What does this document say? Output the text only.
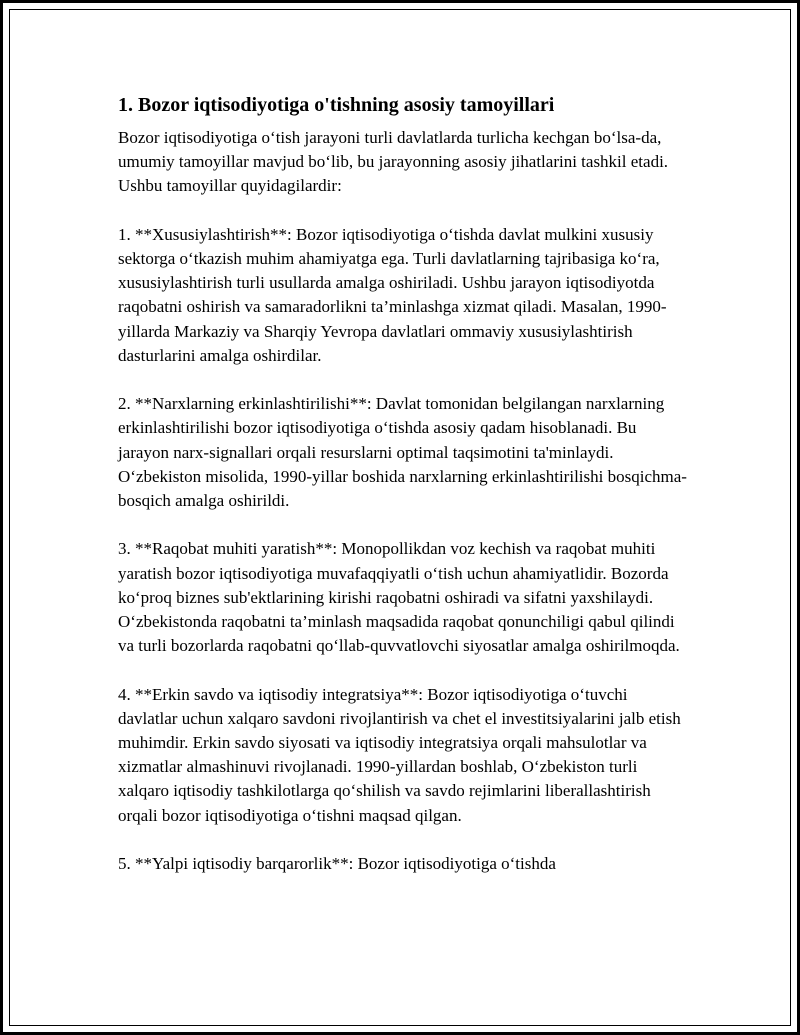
1. Bozor iqtisodiyotiga o'tishning asosiy tamoyillari

Bozor iqtisodiyotiga o‘tish jarayoni turli davlatlarda turlicha kechgan bo‘lsa-da, umumiy tamoyillar mavjud bo‘lib, bu jarayonning asosiy jihatlarini tashkil etadi. Ushbu tamoyillar quyidagilardir:

1. **Xususiylashtirish**: Bozor iqtisodiyotiga o‘tishda davlat mulkini xususiy sektorga o‘tkazish muhim ahamiyatga ega. Turli davlatlarning tajribasiga ko‘ra, xususiylashtirish turli usullarda amalga oshiriladi. Ushbu jarayon iqtisodiyotda raqobatni oshirish va samaradorlikni ta’minlashga xizmat qiladi. Masalan, 1990-yillarda Markaziy va Sharqiy Yevropa davlatlari ommaviy xususiylashtirish dasturlarini amalga oshirdilar.

2. **Narxlarning erkinlashtirilishi**: Davlat tomonidan belgilangan narxlarning erkinlashtirilishi bozor iqtisodiyotiga o‘tishda asosiy qadam hisoblanadi. Bu jarayon narx-signallari orqali resurslarni optimal taqsimotini ta'minlaydi. O‘zbekiston misolida, 1990-yillar boshida narxlarning erkinlashtirilishi bosqichma-bosqich amalga oshirildi.

3. **Raqobat muhiti yaratish**: Monopollikdan voz kechish va raqobat muhiti yaratish bozor iqtisodiyotiga muvafaqqiyatli o‘tish uchun ahamiyatlidir. Bozorda ko‘proq biznes sub'ektlarining kirishi raqobatni oshiradi va sifatni yaxshilaydi. O‘zbekistonda raqobatni ta’minlash maqsadida raqobat qonunchiligi qabul qilindi va turli bozorlarda raqobatni qo‘llab-quvvatlovchi siyosatlar amalga oshirilmoqda.

4. **Erkin savdo va iqtisodiy integratsiya**: Bozor iqtisodiyotiga o‘tuvchi davlatlar uchun xalqaro savdoni rivojlantirish va chet el investitsiyalarini jalb etish muhimdir. Erkin savdo siyosati va iqtisodiy integratsiya orqali mahsulotlar va xizmatlar almashinuvi rivojlanadi. 1990-yillardan boshlab, O‘zbekiston turli xalqaro iqtisodiy tashkilotlarga qo‘shilish va savdo rejimlarini liberallashtirish orqali bozor iqtisodiyotiga o‘tishni maqsad qilgan.

5. **Yalpi iqtisodiy barqarorlik**: Bozor iqtisodiyotiga o‘tishda
